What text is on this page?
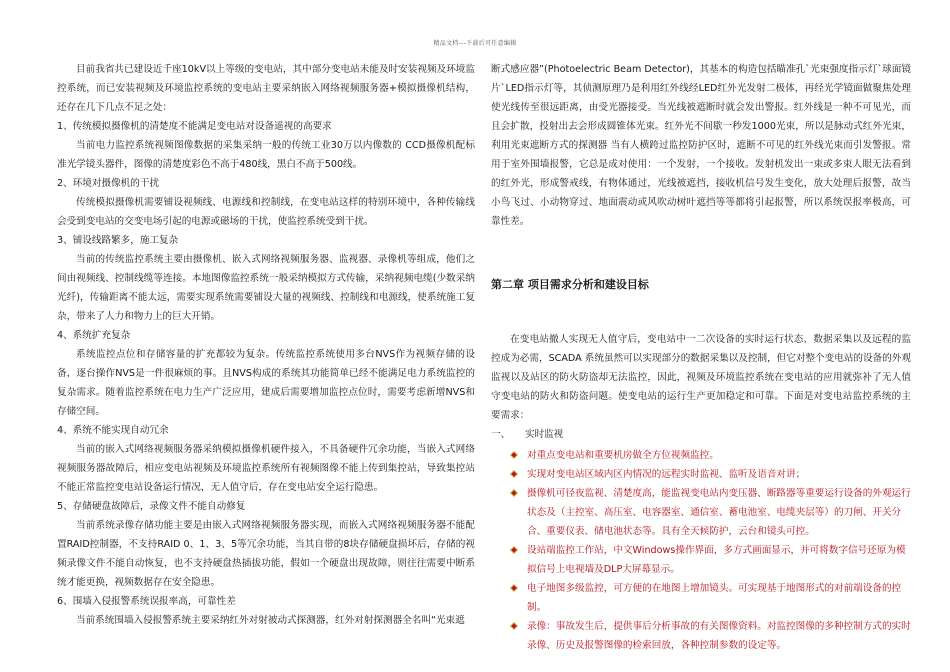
精品文档---下载后可任意编辑

目前我省共已建设近千座10kV以上等级的变电站，其中部分变电站未能及时安装视频及环境监控系统，而已安装视频及环境监控系统的变电站主要采纳嵌入网络视频服务器+模拟摄像机结构，还存在几下几点不足之处：

1、传统模拟摄像机的清楚度不能满足变电站对设备遥视的高要求

当前电力监控系统视频图像数据的采集采纳一般的传统工业30万以内像数的 CCD摄像机配标准光学镜头器件，图像的清楚度彩色不高于480线，黑白不高于500线。

2、环境对摄像机的干扰

传统模拟摄像机需要铺设视频线、电源线和控制线，在变电站这样的特别环境中，各种传输线会受到变电站的交变电场引起的电源或磁场的干扰，使监控系统受到干扰。

3、铺设线路繁多，施工复杂

当前的传统监控系统主要由摄像机、嵌入式网络视频服务器、监视器、录像机等组成，他们之间由视频线、控制线缆等连接。本地图像监控系统一般采纳模拟方式传输，采纳视频电缆(少数采纳光纤)，传输距离不能太远，需要实现系统需要铺设大量的视频线、控制线和电源线，使系统施工复杂，带来了人力和物力上的巨大开销。

4、系统扩充复杂

系统监控点位和存储容量的扩充都较为复杂。传统监控系统使用多台NVS作为视频存储的设备，逐台操作NVS是一件很麻烦的事。且NVS构成的系统其功能简单已经不能满足电力系统监控的复杂需求。随着监控系统在电力生产广泛应用，建成后需要增加监控点位时，需要考虑新增NVS和存储空间。

4、系统不能实现自动冗余

当前的嵌入式网络视频服务器采纳模拟摄像机硬件接入，不具备硬件冗余功能，当嵌入式网络视频服务器故障后，相应变电站视频及环境监控系统所有视频图像不能上传到集控站，导致集控站不能正常监控变电站设备运行情况，无人值守后，存在变电站安全运行隐患。

5、存储硬盘故障后，录像文件不能自动修复

当前系统录像存储功能主要是由嵌入式网络视频服务器实现，而嵌入式网络视频服务器不能配置RAID控制器，不支持RAID 0、1、3、5等冗余功能，当其自带的8块存储硬盘损坏后，存储的视频录像文件不能自动恢复，也不支持硬盘热插拔功能，假如一个硬盘出现故障，则往往需要中断系统才能更换，视频数据存在安全隐患。

6、围墙入侵报警系统误报率高，可靠性差

当前系统围墙入侵报警系统主要采纳红外对射被动式探测器，红外对射探测器全名叫“光束遮

断式感应器”(Photoelectric Beam Detector)，其基本的构造包括瞄准孔`光束强度指示灯`球面镜片`LED指示灯等，其侦测原理乃是利用红外线经LED红外光发射二极体，再经光学镜面做聚焦处理使光线传至很远距离，由受光器接受。当光线被遮断时就会发出警报。红外线是一种不可见光，而且会扩散，投射出去会形成圆锥体光束。红外光不间歇一秒发1000光束，所以是脉动式红外光束，利用光束遮断方式的探测器 当有人横跨过监控防护区时，遮断不可见的红外线光束而引发警报。常用于室外围墙报警，它总是成对使用：一个发射，一个接收。发射机发出一束或多束人眼无法看到的红外光，形成警戒线，有物体通过，光线被遮挡，接收机信号发生变化，放大处理后报警，故当小鸟飞过、小动物穿过、地面震动或风吹动树叶遮挡等等都将引起报警，所以系统误报率极高，可靠性差。

第二章 项目需求分析和建设目标

在变电站撤人实现无人值守后，变电站中一二次设备的实时运行状态、数据采集以及远程的监控成为必需，SCADA 系统虽然可以实现部分的数据采集以及控制，但它对整个变电站的设备的外观监视以及站区的防火防盗却无法监控，因此，视频及环境监控系统在变电站的应用就弥补了无人值守变电站的防火和防盗问题。使变电站的运行生产更加稳定和可靠。下面是对变电站监控系统的主要需求：

一、 实时监视
对重点变电站和重要机房做全方位视频监控。
实现对变电站区域内区内情况的远程实时监视、监听及语音对讲；
摄像机可径夜监视、清楚度高，能监视变电站内变压器、断路器等重要运行设备的外观运行状态及（主控室、高压室、电容器室、通信室、蓄电池室、电缆夹层等）的刀闸、开关分合、重要仪表、储电池状态等。具有全天候防护，云台和镜头可控。
设站端监控工作站，中文Windows操作界面，多方式画面显示，并可将数字信号还原为模拟信号上电视墙及DLP大屏幕显示。
电子地图多级监控，可方便的在地图上增加镜头。可实现基于地图形式的对前端设备的控制。
录像：事故发生后，提供事后分析事故的有关图像资料。对监控图像的多种控制方式的实时录像、历史及报警图像的检索回放，各种控制参数的设定等。
